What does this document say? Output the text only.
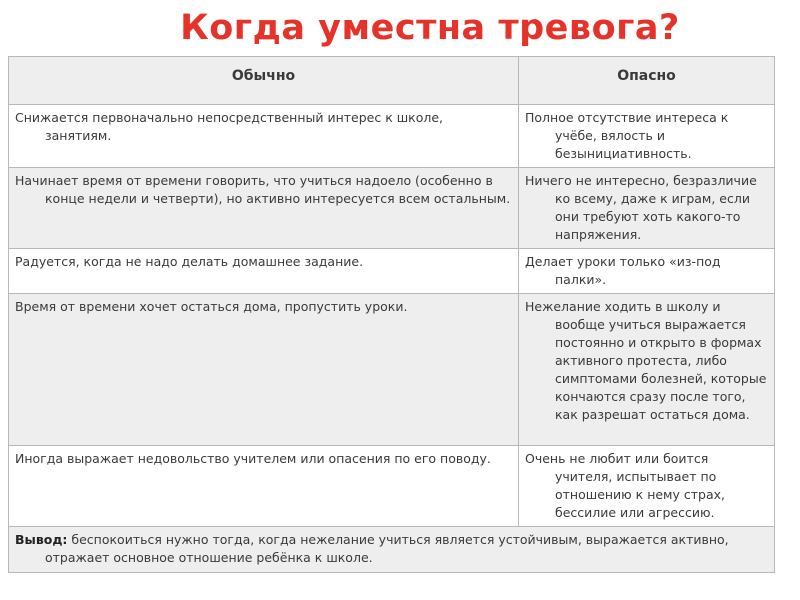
Когда уместна тревога?
Обычно	Опасно

Снижается первоначально непосредственный интерес к школе, занятиям.	Полное отсутствие интереса к учёбе, вялость и безынициативность.

Начинает время от времени говорить, что учиться надоело (особенно в конце недели и четверти), но активно интересуется всем остальным.	Ничего не интересно, безразличие ко всему, даже к играм, если они требуют хоть какого-то напряжения.

Радуется, когда не надо делать домашнее задание.	Делает уроки только «из-под палки».

Время от времени хочет остаться дома, пропустить уроки.	Нежелание ходить в школу и вообще учиться выражается постоянно и открыто в формах активного протеста, либо симптомами болезней, которые кончаются сразу после того, как разрешат остаться дома.

Иногда выражает недовольство учителем или опасения по его поводу.	Очень не любит или боится учителя, испытывает по отношению к нему страх, бессилие или агрессию.

Вывод: беспокоиться нужно тогда, когда нежелание учиться является устойчивым, выражается активно, отражает основное отношение ребёнка к школе.	
